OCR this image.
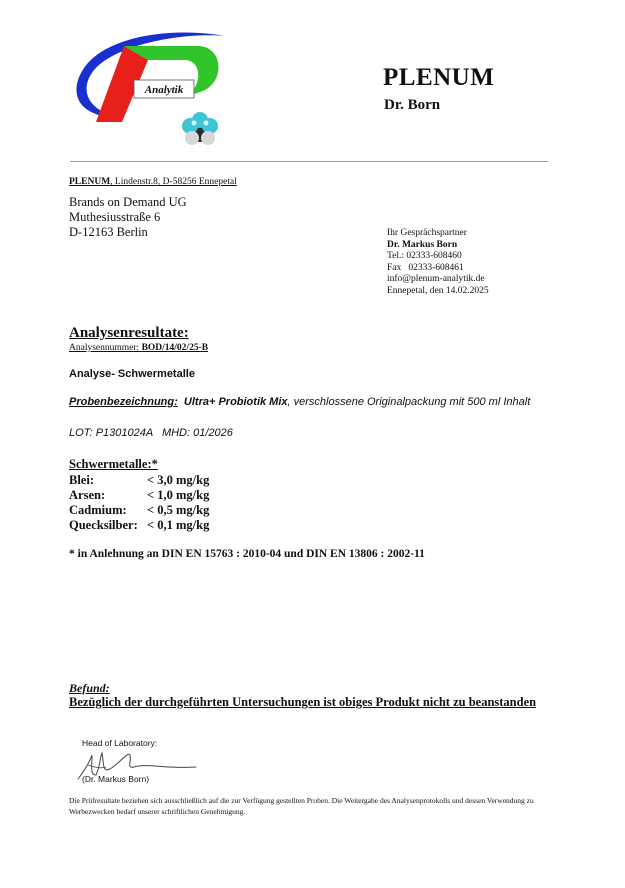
Analytik	PLENUM
Dr. Born
PLENUM, Lindenstr.8, D-58256 Ennepetal
Brands on Demand UG
Muthesiusstraße 6
D-12163 Berlin	Ihr Gesprächspartner
Dr. Markus Born
Tel.: 02333-608460
Fax   02333-608461
info@plenum-analytik.de
Ennepetal, den 14.02.2025
Analysenresultate:
Analysennummer: BOD/14/02/25-B
Analyse- Schwermetalle
Probenbezeichnung: Ultra+ Probiotik Mix, verschlossene Originalpackung mit 500 ml Inhalt
LOT: P1301024A   MHD: 01/2026
Schwermetalle:*
Blei:	< 3,0 mg/kg
Arsen:	< 1,0 mg/kg
Cadmium: < 0,5 mg/kg
Quecksilber: < 0,1 mg/kg
* in Anlehnung an DIN EN 15763 : 2010-04 und DIN EN 13806 : 2002-11
Befund:
Bezüglich der durchgeführten Untersuchungen ist obiges Produkt nicht zu beanstanden
Head of Laboratory:
(Dr. Markus Born)
Die Prüfresultate beziehen sich ausschließlich auf die zur Verfügung gestellten Proben. Die Weitergabe des Analysenprotokolls und dessen Verwendung zu Werbezwecken bedarf unserer schriftlichen Genehmigung.
